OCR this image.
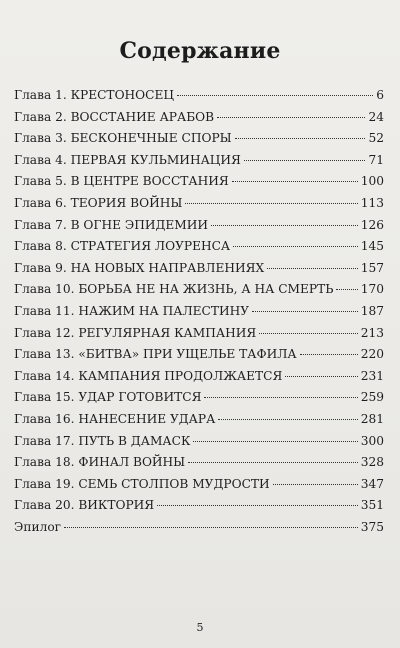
Содержание
Глава 1. КРЕСТОНОСЕЦ	6
Глава 2. ВОССТАНИЕ АРАБОВ	24
Глава 3. БЕСКОНЕЧНЫЕ СПОРЫ	52
Глава 4. ПЕРВАЯ КУЛЬМИНАЦИЯ	71
Глава 5. В ЦЕНТРЕ ВОССТАНИЯ	100
Глава 6. ТЕОРИЯ ВОЙНЫ	113
Глава 7. В ОГНЕ ЭПИДЕМИИ	126
Глава 8. СТРАТЕГИЯ ЛОУРЕНСА	145
Глава 9. НА НОВЫХ НАПРАВЛЕНИЯХ	157
Глава 10. БОРЬБА НЕ НА ЖИЗНЬ, А НА СМЕРТЬ 170
Глава 11. НАЖИМ НА ПАЛЕСТИНУ	187
Глава 12. РЕГУЛЯРНАЯ КАМПАНИЯ	213
Глава 13. «БИТВА» ПРИ УЩЕЛЬЕ ТАФИЛА	220
Глава 14. КАМПАНИЯ ПРОДОЛЖАЕТСЯ	231
Глава 15. УДАР ГОТОВИТСЯ	259
Глава 16. НАНЕСЕНИЕ УДАРА	281
Глава 17. ПУТЬ В ДАМАСК	300
Глава 18. ФИНАЛ ВОЙНЫ	328
Глава 19. СЕМЬ СТОЛПОВ МУДРОСТИ	347
Глава 20. ВИКТОРИЯ	351
Эпилог	375
5
